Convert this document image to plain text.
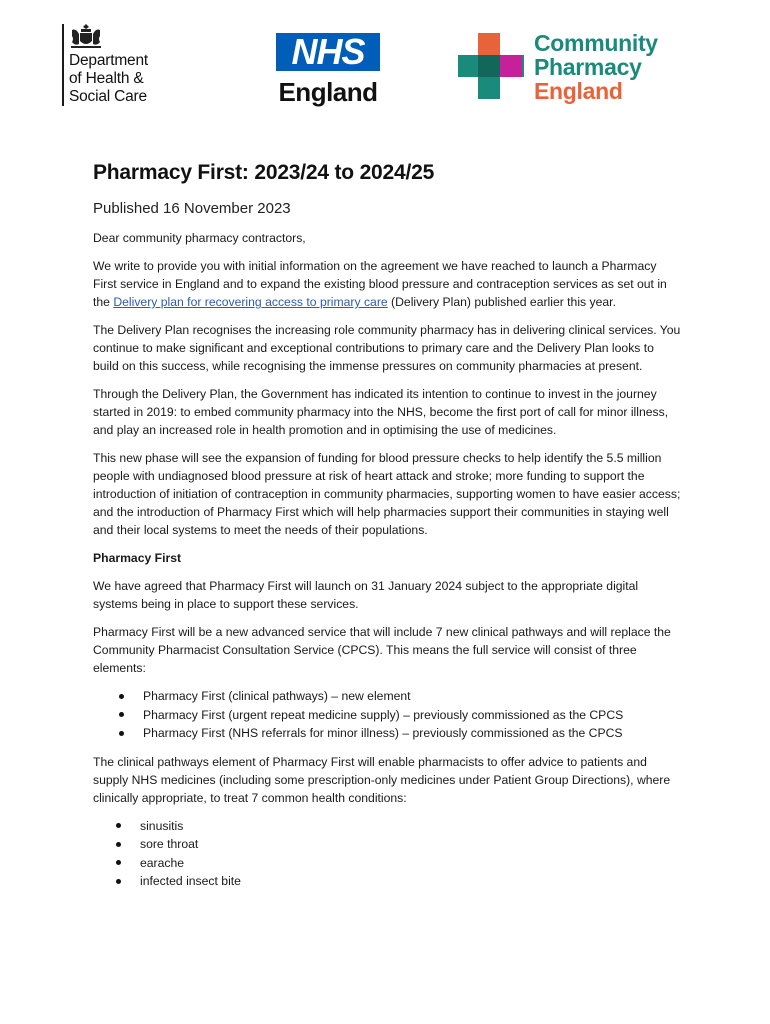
Department
of Health &
Social Care
NHS
England
Community
Pharmacy
England
Pharmacy First: 2023/24 to 2024/25
Published 16 November 2023

Dear community pharmacy contractors,

We write to provide you with initial information on the agreement we have reached to launch a Pharmacy First service in England and to expand the existing blood pressure and contraception services as set out in the Delivery plan for recovering access to primary care (Delivery Plan) published earlier this year.

The Delivery Plan recognises the increasing role community pharmacy has in delivering clinical services. You continue to make significant and exceptional contributions to primary care and the Delivery Plan looks to build on this success, while recognising the immense pressures on community pharmacies at present.

Through the Delivery Plan, the Government has indicated its intention to continue to invest in the journey started in 2019: to embed community pharmacy into the NHS, become the first port of call for minor illness, and play an increased role in health promotion and in optimising the use of medicines.

This new phase will see the expansion of funding for blood pressure checks to help identify the 5.5 million people with undiagnosed blood pressure at risk of heart attack and stroke; more funding to support the introduction of initiation of contraception in community pharmacies, supporting women to have easier access; and the introduction of Pharmacy First which will help pharmacies support their communities in staying well and their local systems to meet the needs of their populations.

Pharmacy First

We have agreed that Pharmacy First will launch on 31 January 2024 subject to the appropriate digital systems being in place to support these services.

Pharmacy First will be a new advanced service that will include 7 new clinical pathways and will replace the Community Pharmacist Consultation Service (CPCS). This means the full service will consist of three elements:

Pharmacy First (clinical pathways) – new element
Pharmacy First (urgent repeat medicine supply) – previously commissioned as the CPCS
Pharmacy First (NHS referrals for minor illness) – previously commissioned as the CPCS

The clinical pathways element of Pharmacy First will enable pharmacists to offer advice to patients and supply NHS medicines (including some prescription-only medicines under Patient Group Directions), where clinically appropriate, to treat 7 common health conditions:

sinusitis
sore throat
earache
infected insect bite
